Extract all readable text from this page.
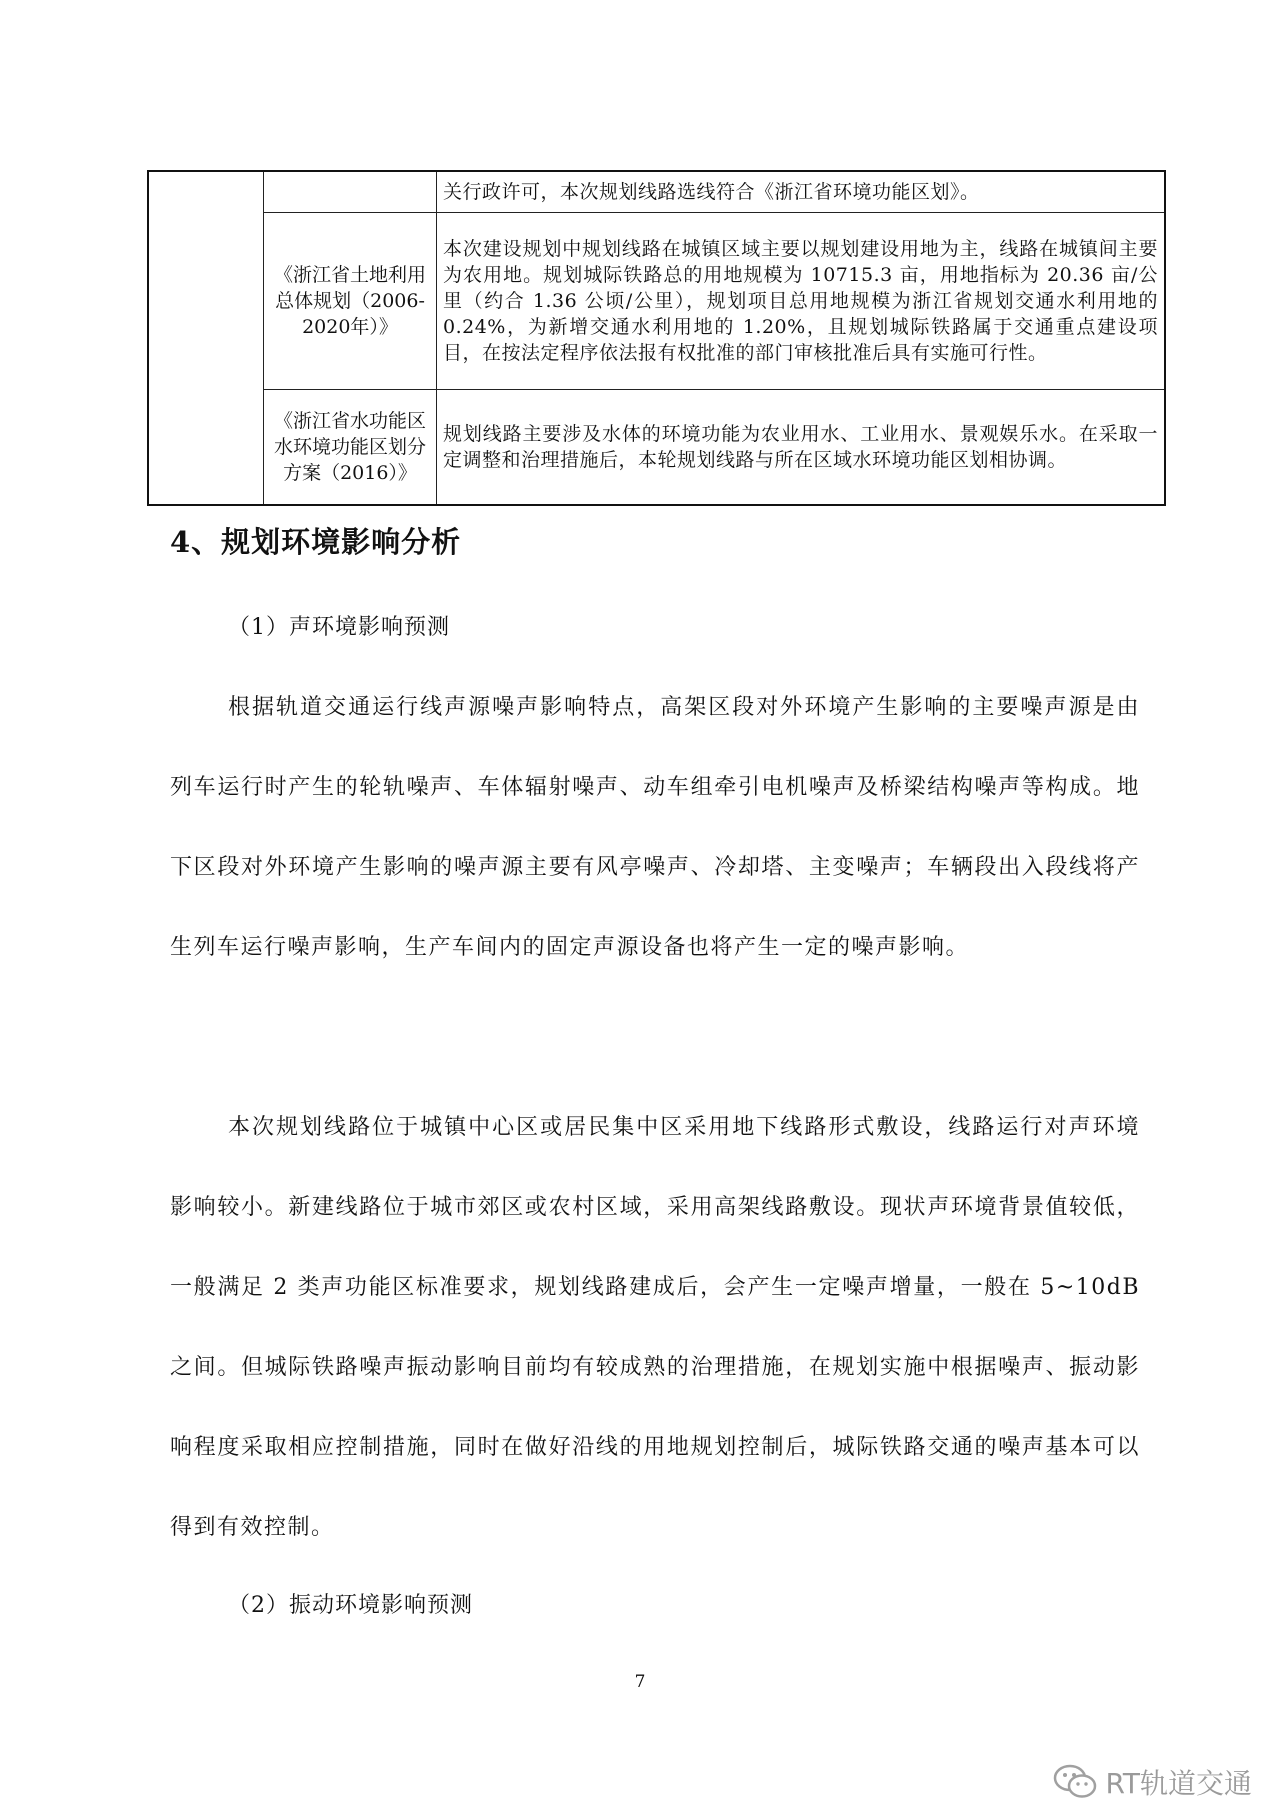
		关行政许可，本次规划线路选线符合《浙江省环境功能区划》。
	《浙江省土地利用总体规划（2006-2020年）》	本次建设规划中规划线路在城镇区域主要以规划建设用地为主，线路在城镇间主要为农用地。规划城际铁路总的用地规模为 10715.3 亩，用地指标为 20.36 亩/公里（约合 1.36 公顷/公里），规划项目总用地规模为浙江省规划交通水利用地的 0.24%，为新增交通水利用地的 1.20%，且规划城际铁路属于交通重点建设项目，在按法定程序依法报有权批准的部门审核批准后具有实施可行性。
	《浙江省水功能区水环境功能区划分方案（2016）》	规划线路主要涉及水体的环境功能为农业用水、工业用水、景观娱乐水。在采取一定调整和治理措施后，本轮规划线路与所在区域水环境功能区划相协调。
4、规划环境影响分析
（1）声环境影响预测

根据轨道交通运行线声源噪声影响特点，高架区段对外环境产生影响的主要噪声源是由列车运行时产生的轮轨噪声、车体辐射噪声、动车组牵引电机噪声及桥梁结构噪声等构成。地下区段对外环境产生影响的噪声源主要有风亭噪声、冷却塔、主变噪声；车辆段出入段线将产生列车运行噪声影响，生产车间内的固定声源设备也将产生一定的噪声影响。

本次规划线路位于城镇中心区或居民集中区采用地下线路形式敷设，线路运行对声环境影响较小。新建线路位于城市郊区或农村区域，采用高架线路敷设。现状声环境背景值较低，一般满足 2 类声功能区标准要求，规划线路建成后，会产生一定噪声增量，一般在 5~10dB 之间。但城际铁路噪声振动影响目前均有较成熟的治理措施，在规划实施中根据噪声、振动影响程度采取相应控制措施，同时在做好沿线的用地规划控制后，城际铁路交通的噪声基本可以得到有效控制。

（2）振动环境影响预测
7
RT轨道交通
